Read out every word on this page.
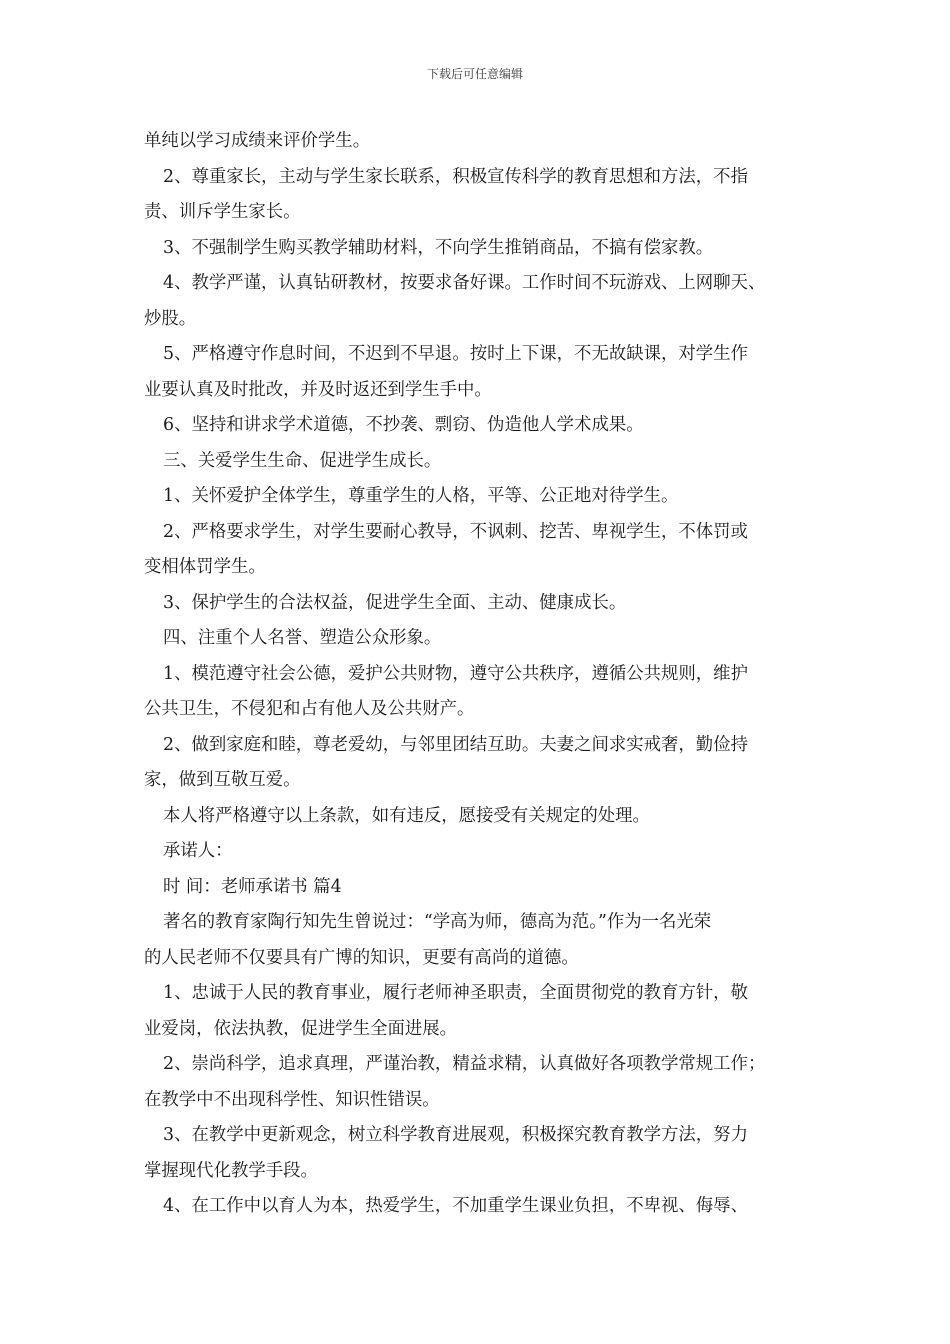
下载后可任意编辑

单纯以学习成绩来评价学生。

2、尊重家长，主动与学生家长联系，积极宣传科学的教育思想和方法，不指

责、训斥学生家长。

3、不强制学生购买教学辅助材料，不向学生推销商品，不搞有偿家教。

4、教学严谨，认真钻研教材，按要求备好课。工作时间不玩游戏、上网聊天、

炒股。

5、严格遵守作息时间，不迟到不早退。按时上下课，不无故缺课，对学生作

业要认真及时批改，并及时返还到学生手中。

6、坚持和讲求学术道德，不抄袭、剽窃、伪造他人学术成果。

三、关爱学生生命、促进学生成长。

1、关怀爱护全体学生，尊重学生的人格，平等、公正地对待学生。

2、严格要求学生，对学生要耐心教导，不讽刺、挖苦、卑视学生，不体罚或

变相体罚学生。

3、保护学生的合法权益，促进学生全面、主动、健康成长。

四、注重个人名誉、塑造公众形象。

1、模范遵守社会公德，爱护公共财物，遵守公共秩序，遵循公共规则，维护

公共卫生，不侵犯和占有他人及公共财产。

2、做到家庭和睦，尊老爱幼，与邻里团结互助。夫妻之间求实戒奢，勤俭持

家，做到互敬互爱。

本人将严格遵守以上条款，如有违反，愿接受有关规定的处理。

承诺人：

时 间：老师承诺书 篇4

著名的教育家陶行知先生曾说过：“学高为师，德高为范。”作为一名光荣

的人民老师不仅要具有广博的知识，更要有高尚的道德。

1、忠诚于人民的教育事业，履行老师神圣职责，全面贯彻党的教育方针，敬

业爱岗，依法执教，促进学生全面进展。

2、崇尚科学，追求真理，严谨治教，精益求精，认真做好各项教学常规工作；

在教学中不出现科学性、知识性错误。

3、在教学中更新观念，树立科学教育进展观，积极探究教育教学方法，努力

掌握现代化教学手段。

4、在工作中以育人为本，热爱学生，不加重学生课业负担，不卑视、侮辱、
